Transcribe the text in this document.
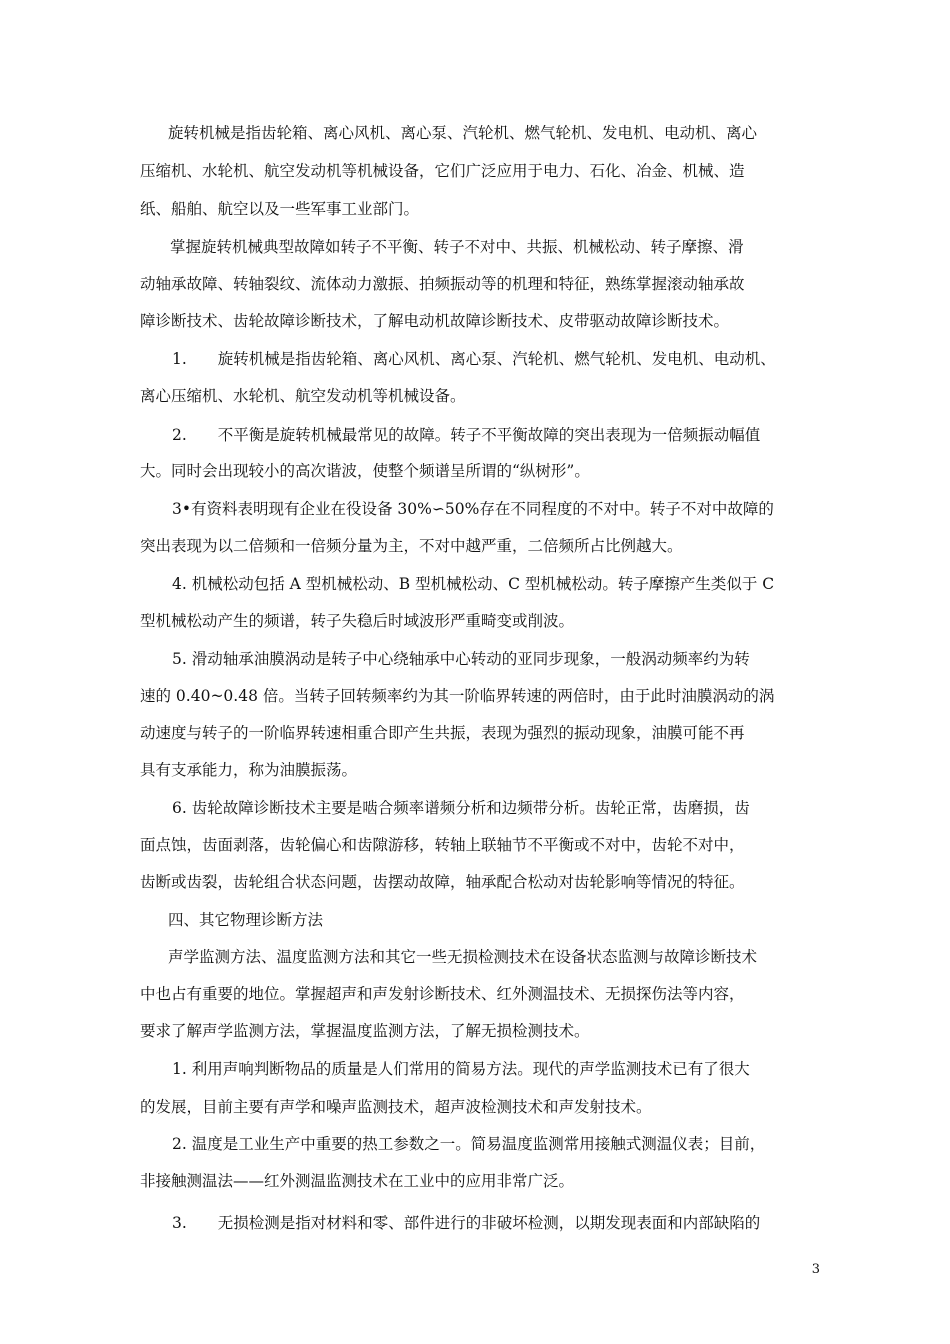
旋转机械是指齿轮箱、离心风机、离心泵、汽轮机、燃气轮机、发电机、电动机、离心
压缩机、水轮机、航空发动机等机械设备，它们广泛应用于电力、石化、冶金、机械、造
纸、船舶、航空以及一些军事工业部门。
掌握旋转机械典型故障如转子不平衡、转子不对中、共振、机械松动、转子摩擦、滑
动轴承故障、转轴裂纹、流体动力激振、拍频振动等的机理和特征，熟练掌握滚动轴承故
障诊断技术、齿轮故障诊断技术，了解电动机故障诊断技术、皮带驱动故障诊断技术。
1.　　旋转机械是指齿轮箱、离心风机、离心泵、汽轮机、燃气轮机、发电机、电动机、
离心压缩机、水轮机、航空发动机等机械设备。
2.　　不平衡是旋转机械最常见的故障。转子不平衡故障的突出表现为一倍频振动幅值
大。同时会出现较小的高次谐波，使整个频谱呈所谓的“纵树形”。
3•有资料表明现有企业在役设备 30%∽50%存在不同程度的不对中。转子不对中故障的
突出表现为以二倍频和一倍频分量为主，不对中越严重，二倍频所占比例越大。
4. 机械松动包括 A 型机械松动、B 型机械松动、C 型机械松动。转子摩擦产生类似于 C
型机械松动产生的频谱，转子失稳后时域波形严重畸变或削波。
5. 滑动轴承油膜涡动是转子中心绕轴承中心转动的亚同步现象，一般涡动频率约为转
速的 0.40~0.48 倍。当转子回转频率约为其一阶临界转速的两倍时，由于此时油膜涡动的涡
动速度与转子的一阶临界转速相重合即产生共振，表现为强烈的振动现象，油膜可能不再
具有支承能力，称为油膜振荡。
6. 齿轮故障诊断技术主要是啮合频率谱频分析和边频带分析。齿轮正常，齿磨损，齿
面点蚀，齿面剥落，齿轮偏心和齿隙游移，转轴上联轴节不平衡或不对中，齿轮不对中，
齿断或齿裂，齿轮组合状态问题，齿摆动故障，轴承配合松动对齿轮影响等情况的特征。
四、其它物理诊断方法
声学监测方法、温度监测方法和其它一些无损检测技术在设备状态监测与故障诊断技术
中也占有重要的地位。掌握超声和声发射诊断技术、红外测温技术、无损探伤法等内容，
要求了解声学监测方法，掌握温度监测方法，了解无损检测技术。
1. 利用声响判断物品的质量是人们常用的简易方法。现代的声学监测技术已有了很大
的发展，目前主要有声学和噪声监测技术，超声波检测技术和声发射技术。
2. 温度是工业生产中重要的热工参数之一。简易温度监测常用接触式测温仪表；目前，
非接触测温法——红外测温监测技术在工业中的应用非常广泛。
3.　　无损检测是指对材料和零、部件进行的非破坏检测，以期发现表面和内部缺陷的
3
